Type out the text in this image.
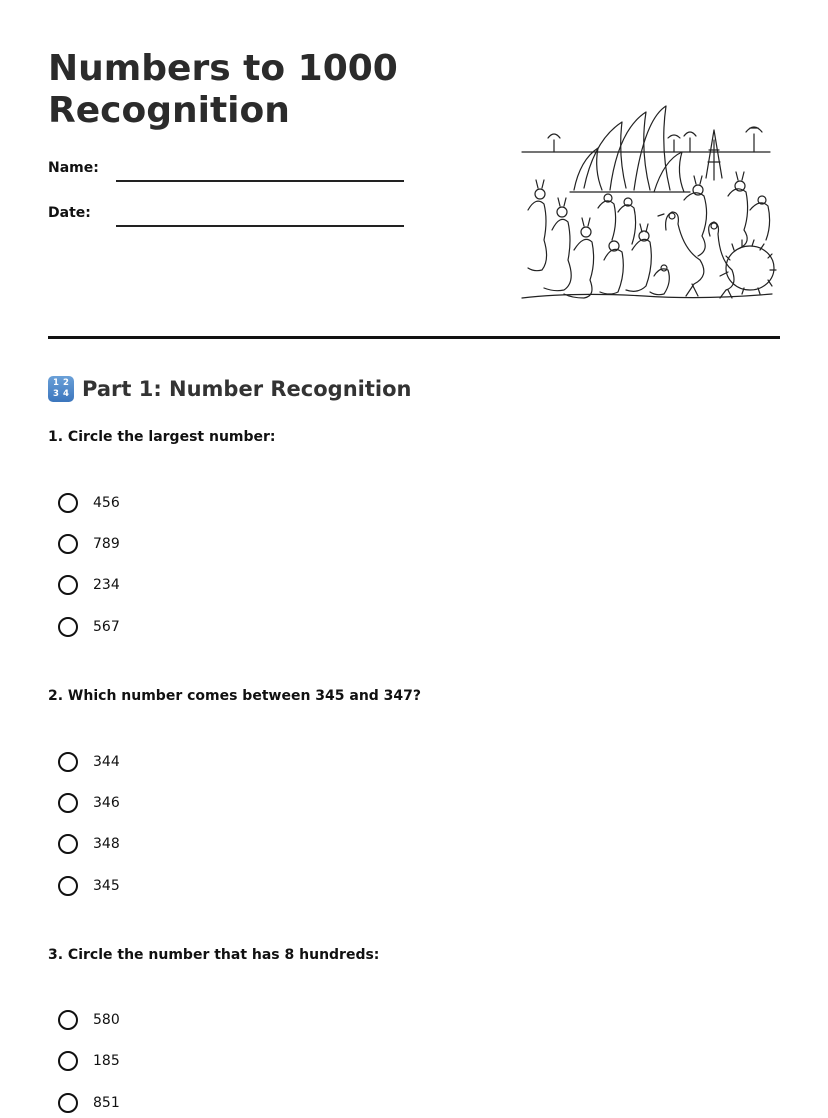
Numbers to 1000
Recognition
Name:
Date:
1 2
3 4 Part 1: Number Recognition
1. Circle the largest number:
456
789
234
567
2. Which number comes between 345 and 347?
344
346
348
345
3. Circle the number that has 8 hundreds:
580
185
851
